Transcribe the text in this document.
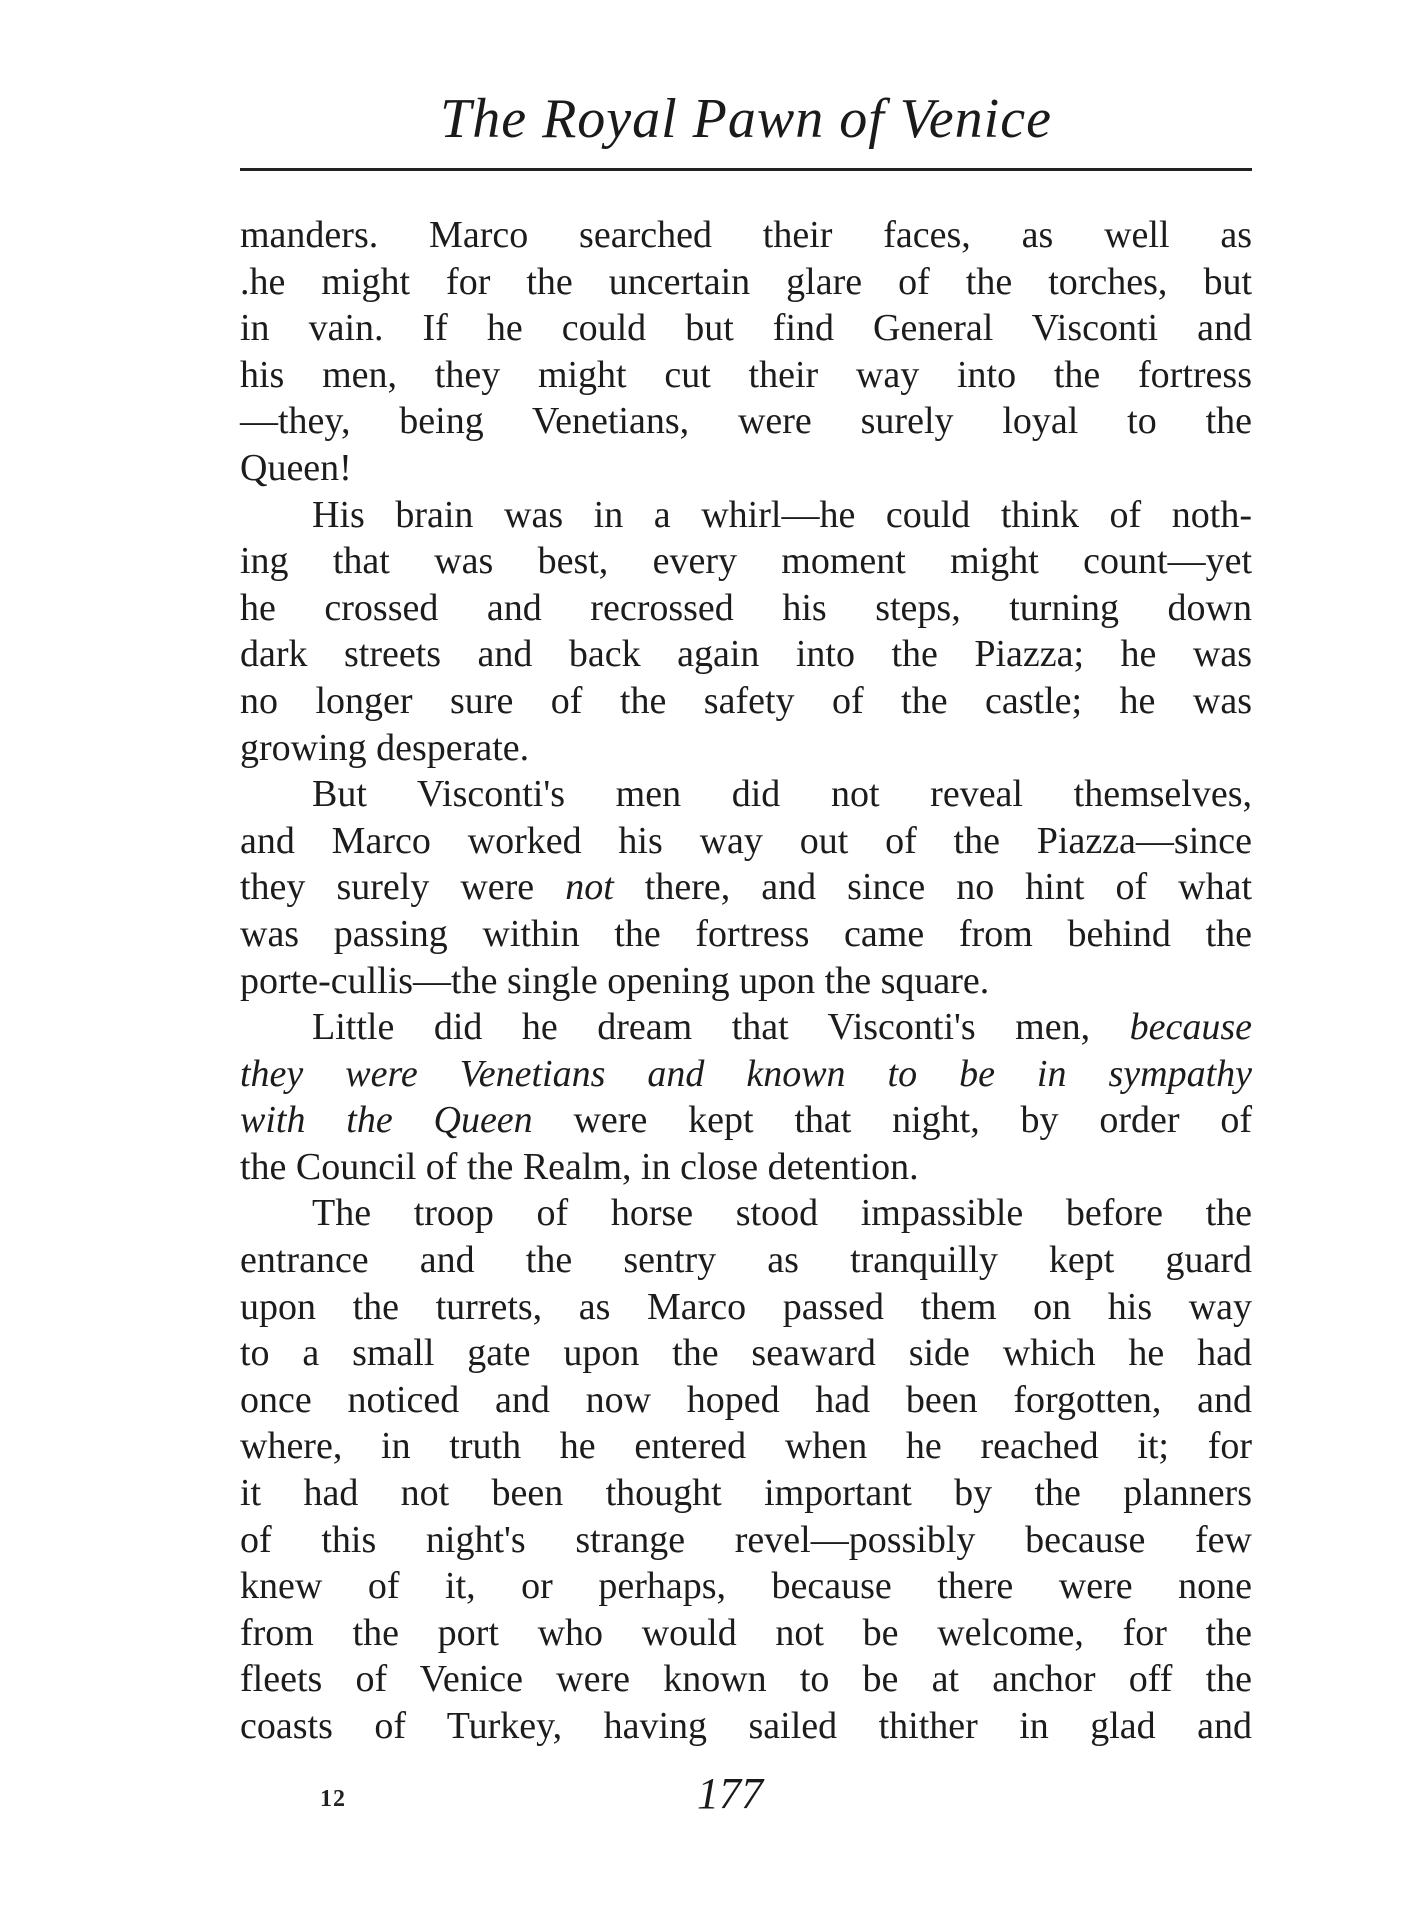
The Royal Pawn of Venice
manders. Marco searched their faces, as well as
.he might for the uncertain glare of the torches, but
in vain. If he could but find General Visconti and
his men, they might cut their way into the fortress
—they, being Venetians, were surely loyal to the
Queen!
His brain was in a whirl—he could think of noth-
ing that was best, every moment might count—yet
he crossed and recrossed his steps, turning down
dark streets and back again into the Piazza; he was
no longer sure of the safety of the castle; he was
growing desperate.
But Visconti's men did not reveal themselves,
and Marco worked his way out of the Piazza—since
they surely were not there, and since no hint of what
was passing within the fortress came from behind the
porte-cullis—the single opening upon the square.
Little did he dream that Visconti's men, because
they were Venetians and known to be in sympathy
with the Queen were kept that night, by order of
the Council of the Realm, in close detention.
The troop of horse stood impassible before the
entrance and the sentry as tranquilly kept guard
upon the turrets, as Marco passed them on his way
to a small gate upon the seaward side which he had
once noticed and now hoped had been forgotten, and
where, in truth he entered when he reached it; for
it had not been thought important by the planners
of this night's strange revel—possibly because few
knew of it, or perhaps, because there were none
from the port who would not be welcome, for the
fleets of Venice were known to be at anchor off the
coasts of Turkey, having sailed thither in glad and
12	177
